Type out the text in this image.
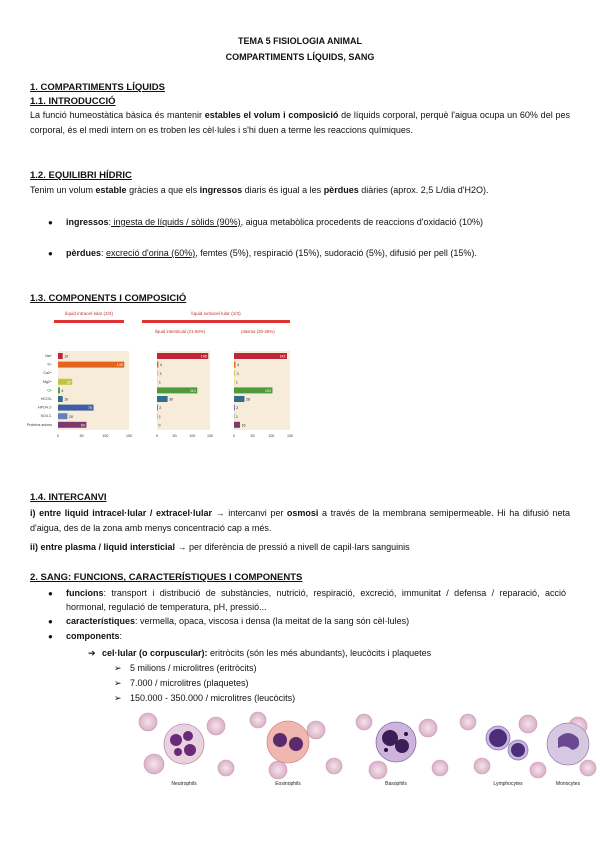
TEMA 5 FISIOLOGIA ANIMAL
COMPARTIMENTS LÍQUIDS, SANG
1. COMPARTIMENTS LÍQUIDS
1.1. INTRODUCCIÓ
La funció humeostàtica bàsica és mantenir estables el volum i composició de líquids corporal, perquè l'aigua ocupa un 60% del pes corporal, és el medi intern on es troben les cèl·lules i s'hi duen a terme les reaccions químiques.
1.2. EQUILIBRI HÍDRIC
Tenim un volum estable gràcies a que els ingressos diaris és igual a les pèrdues diàries (aprox. 2,5 L/dia d'H2O).
● ingressos: ingesta de líquids / sòlids (90%), aigua metabòlica procedents de reaccions d'oxidació (10%)
● pèrdues: excreció d'orina (60%), femtes (5%), respiració (15%), sudoració (5%), difusió per pell (15%).
1.3. COMPONENTS I COMPOSICIÓ
líquid intracel·lular (2/3)	líquid extracel·lular (1/3)
líquid intersticial (21-80%)	plasma (20-25%)
Na+
K+
Ca2+
Mg2+
Cl-
HCO3-
HPO4 2-
SO4 2-
Proteïna anions
10
140
30
4
10
75
20
60
0	50	100	150
145
4
3
1
114
30
2
1
0
0	50	100	150
142
4
3
1
103
28
2
1
16
0	50	100	150
1.4. INTERCANVI
i) entre liquid intracel·lular / extracel·lular → intercanvi per osmosi a través de la membrana semipermeable. Hi ha difusió neta d'aigua, des de la zona amb menys concentració cap a més.
ii) entre plasma / liquid intersticial → per diferència de pressió a nivell de capil·lars sanguinis
2. SANG: FUNCIONS, CARACTERÍSTIQUES I COMPONENTS
● funcions: transport i distribució de substàncies, nutrició, respiració, excreció, immunitat / defensa / reparació, acció hormonal, regulació de temperatura, pH, pressió...
● característiques: vermella, opaca, viscosa i densa (la meitat de la sang són cèl·lules)
● components:
➔ cel·lular (o corpuscular): eritròcits (són les més abundants), leucòcits i plaquetes
➢ 5 milions / microlitres (eritròcits)
➢ 7.000 / microlitres (plaquetes)
➢ 150.000 - 350.000 / microlitres (leucòcits)
Neutrophils	Eosinophils	Basophils	Lymphocytes	Monocytes
